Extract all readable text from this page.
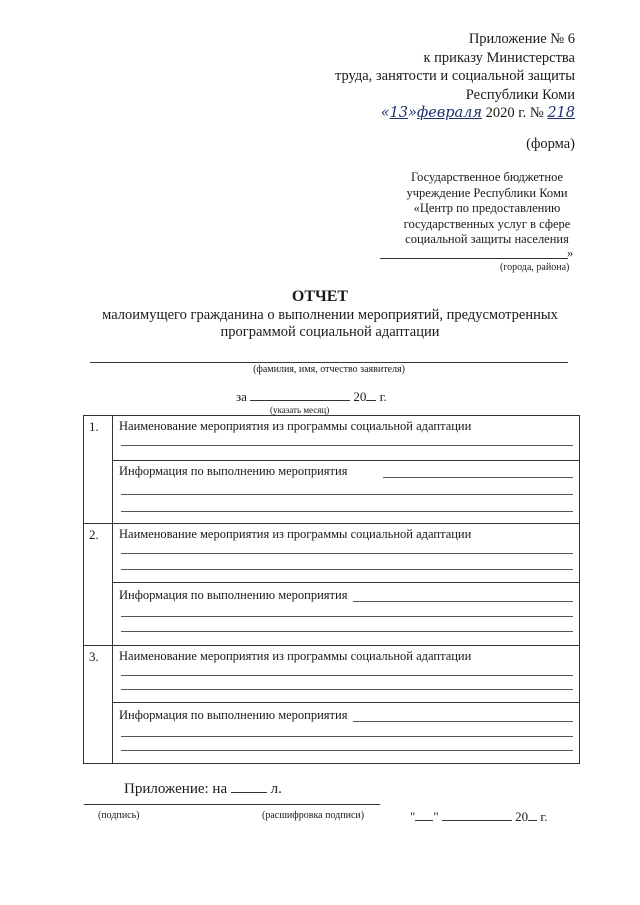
Приложение № 6
к приказу Министерства
труда, занятости и социальной защиты
Республики Коми
«13»февраля 2020 г. № 218
(форма)
Государственное бюджетное
учреждение Республики Коми
«Центр по предоставлению
государственных услуг в сфере
социальной защиты населения
»
(города, района)
ОТЧЕТ
малоимущего гражданина о выполнении мероприятий, предусмотренных
программой социальной адаптации
(фамилия, имя, отчество заявителя)
за	20 г.
(указать месяц)
1.	Наименование мероприятия из программы социальной адаптации

	Информация по выполнению мероприятия

2.	Наименование мероприятия из программы социальной адаптации

	Информация по выполнению мероприятия

3.	Наименование мероприятия из программы социальной адаптации

	Информация по выполнению мероприятия
Приложение: на	л.
(подпись)	(расшифровка подписи)	" "	20 г.
